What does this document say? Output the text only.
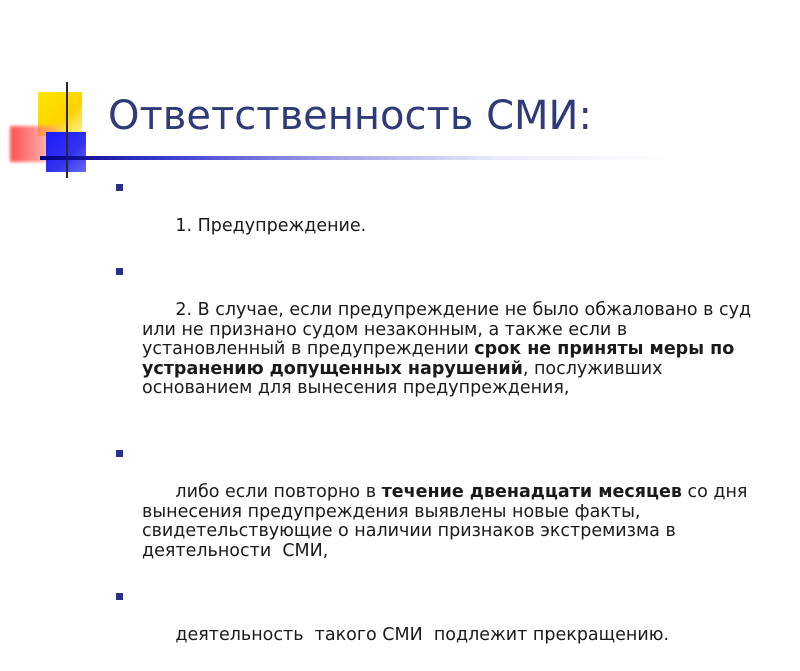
Ответственность СМИ:

1. Предупреждение.

2. В случае, если предупреждение не было обжаловано в суд    или не признано судом незаконным, а также если в установленный в предупреждении срок не приняты меры по устранению допущенных нарушений, послуживших основанием для вынесения предупреждения,

либо если повторно в течение двенадцати месяцев со дня вынесения предупреждения выявлены новые факты, свидетельствующие о наличии признаков экстремизма в деятельности  СМИ,

деятельность  такого СМИ  подлежит прекращению.
